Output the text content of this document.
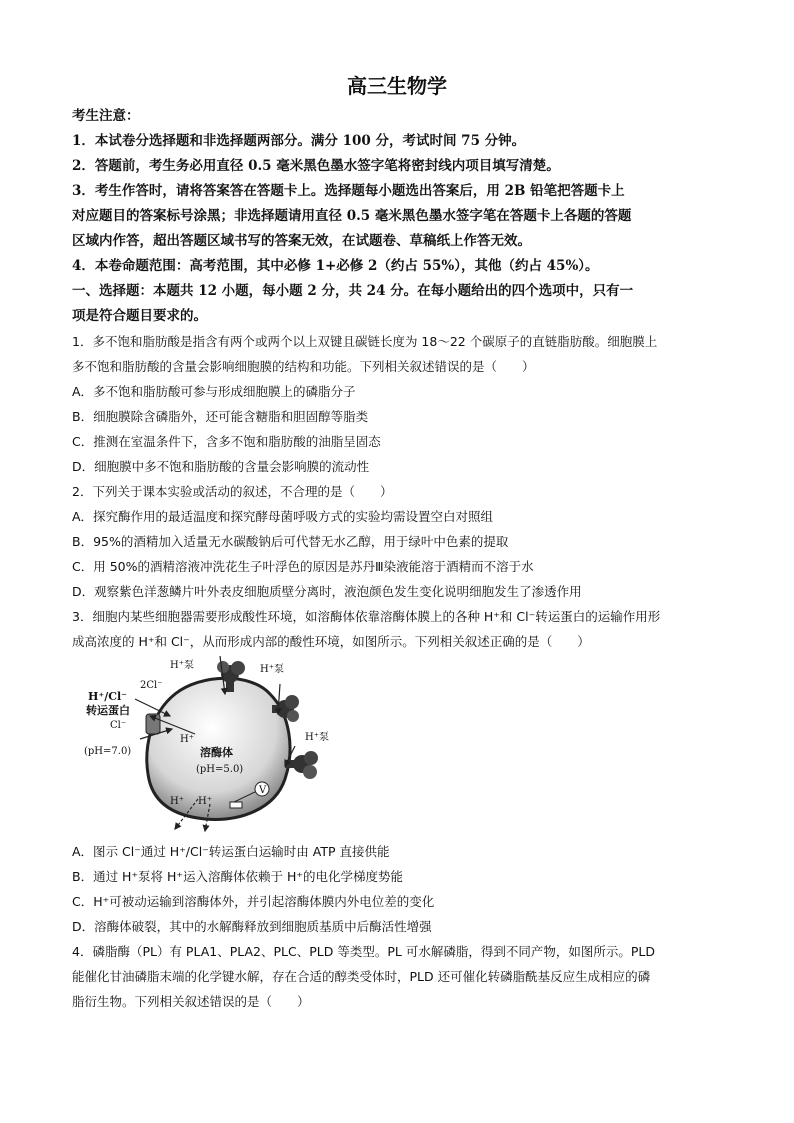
高三生物学
考生注意：
1．本试卷分选择题和非选择题两部分。满分 100 分，考试时间 75 分钟。
2．答题前，考生务必用直径 0.5 毫米黑色墨水签字笔将密封线内项目填写清楚。
3．考生作答时，请将答案答在答题卡上。选择题每小题选出答案后，用 2B 铅笔把答题卡上
对应题目的答案标号涂黑；非选择题请用直径 0.5 毫米黑色墨水签字笔在答题卡上各题的答题
区域内作答，超出答题区域书写的答案无效，在试题卷、草稿纸上作答无效。
4．本卷命题范围：高考范围，其中必修 1+必修 2（约占 55%），其他（约占 45%）。
一、选择题：本题共 12 小题，每小题 2 分，共 24 分。在每小题给出的四个选项中，只有一
项是符合题目要求的。
1．多不饱和脂肪酸是指含有两个或两个以上双键且碳链长度为 18～22 个碳原子的直链脂肪酸。细胞膜上
多不饱和脂肪酸的含量会影响细胞膜的结构和功能。下列相关叙述错误的是（　　）
A．多不饱和脂肪酸可参与形成细胞膜上的磷脂分子
B．细胞膜除含磷脂外，还可能含糖脂和胆固醇等脂类
C．推测在室温条件下，含多不饱和脂肪酸的油脂呈固态
D．细胞膜中多不饱和脂肪酸的含量会影响膜的流动性
2．下列关于课本实验或活动的叙述，不合理的是（　　）
A．探究酶作用的最适温度和探究酵母菌呼吸方式的实验均需设置空白对照组
B．95%的酒精加入适量无水碳酸钠后可代替无水乙醇，用于绿叶中色素的提取
C．用 50%的酒精溶液冲洗花生子叶浮色的原因是苏丹Ⅲ染液能溶于酒精而不溶于水
D．观察紫色洋葱鳞片叶外表皮细胞质壁分离时，液泡颜色发生变化说明细胞发生了渗透作用
3．细胞内某些细胞器需要形成酸性环境，如溶酶体依靠溶酶体膜上的各种 H⁺和 Cl⁻转运蛋白的运输作用形
成高浓度的 H⁺和 Cl⁻，从而形成内部的酸性环境，如图所示。下列相关叙述正确的是（　　）
H⁺泵	H⁺泵
H⁺泵
2Cl⁻
H⁺/Cl⁻
转运蛋白
Cl⁻
H⁺
溶酶体
(pH=5.0)
(pH=7.0)
H⁺ H⁺
V
A．图示 Cl⁻通过 H⁺/Cl⁻转运蛋白运输时由 ATP 直接供能
B．通过 H⁺泵将 H⁺运入溶酶体依赖于 H⁺的电化学梯度势能
C．H⁺可被动运输到溶酶体外，并引起溶酶体膜内外电位差的变化
D．溶酶体破裂，其中的水解酶释放到细胞质基质中后酶活性增强
4．磷脂酶（PL）有 PLA1、PLA2、PLC、PLD 等类型。PL 可水解磷脂，得到不同产物，如图所示。PLD
能催化甘油磷脂末端的化学键水解，存在合适的醇类受体时，PLD 还可催化转磷脂酰基反应生成相应的磷
脂衍生物。下列相关叙述错误的是（　　）
